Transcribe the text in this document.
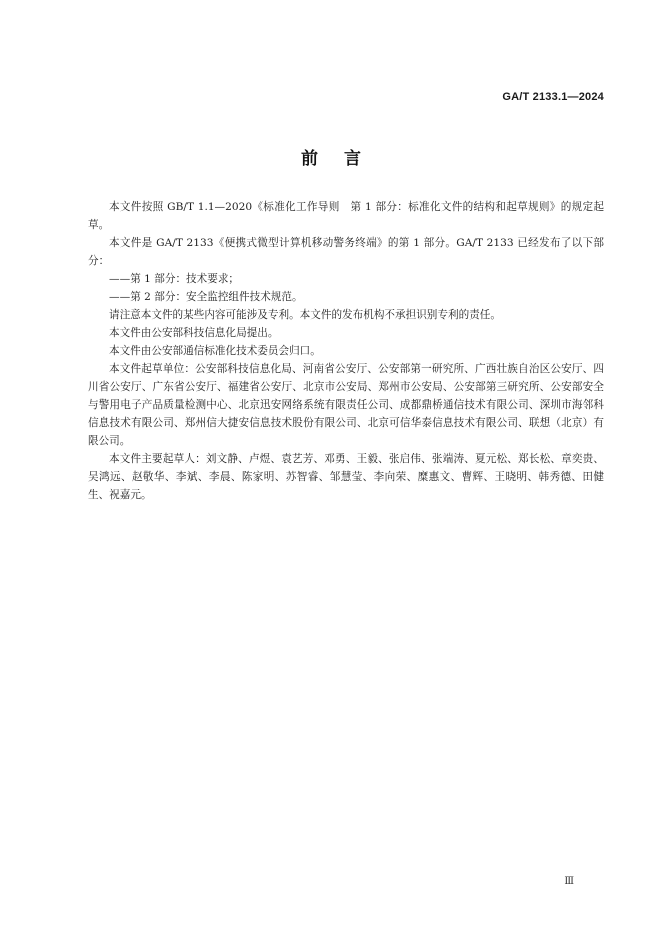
GA/T 2133.1—2024
前言

本文件按照 GB/T 1.1—2020《标准化工作导则　第 1 部分：标准化文件的结构和起草规则》的规定起草。

本文件是 GA/T 2133《便携式微型计算机移动警务终端》的第 1 部分。GA/T 2133 已经发布了以下部分：

——第 1 部分：技术要求；

——第 2 部分：安全监控组件技术规范。

请注意本文件的某些内容可能涉及专利。本文件的发布机构不承担识别专利的责任。

本文件由公安部科技信息化局提出。

本文件由公安部通信标准化技术委员会归口。

本文件起草单位：公安部科技信息化局、河南省公安厅、公安部第一研究所、广西壮族自治区公安厅、四川省公安厅、广东省公安厅、福建省公安厅、北京市公安局、郑州市公安局、公安部第三研究所、公安部安全与警用电子产品质量检测中心、北京迅安网络系统有限责任公司、成都鼎桥通信技术有限公司、深圳市海邻科信息技术有限公司、郑州信大捷安信息技术股份有限公司、北京可信华泰信息技术有限公司、联想（北京）有限公司。

本文件主要起草人：刘文静、卢煜、袁艺芳、邓勇、王毅、张启伟、张端涛、夏元松、郑长松、章奕贵、吴鸿远、赵敬华、李斌、李晨、陈家明、苏智睿、邹慧莹、李向荣、糜惠文、曹辉、王晓明、韩秀德、田健生、祝嘉元。

Ⅲ
